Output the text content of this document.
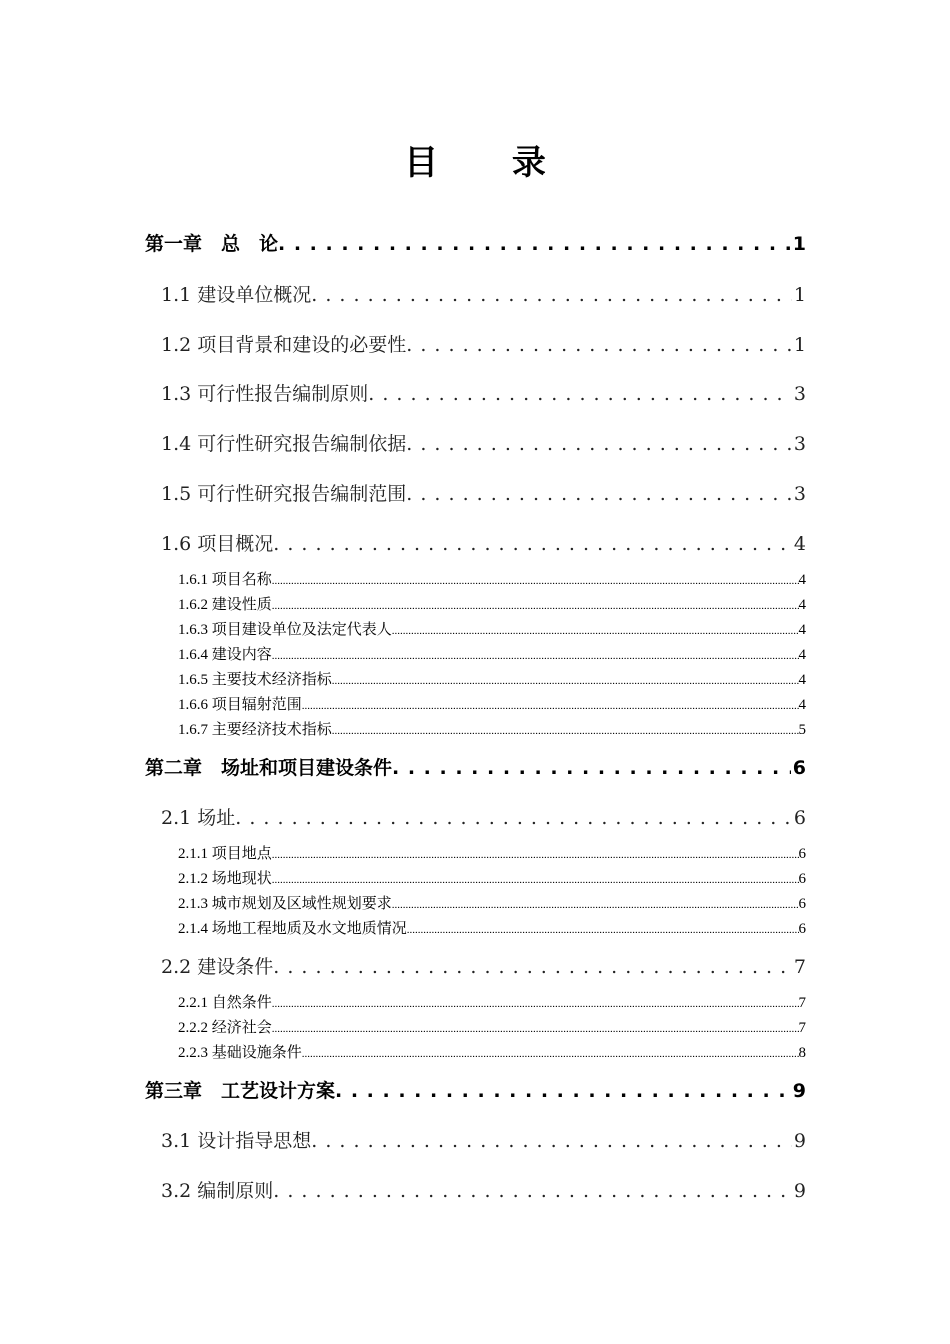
目 录
第一章　总　论 . . .	1
1.1 建设单位概况 . . .	1
1.2 项目背景和建设的必要性 . . .	1
1.3 可行性报告编制原则 . . .	3
1.4 可行性研究报告编制依据 . . .	3
1.5 可行性研究报告编制范围 . . .	3
1.6 项目概况 . . .	4
1.6.1 项目名称 .....	4
1.6.2 建设性质 .....	4
1.6.3 项目建设单位及法定代表人 .....	4
1.6.4 建设内容 .....	4
1.6.5 主要技术经济指标 .....	4
1.6.6 项目辐射范围 .....	4
1.6.7 主要经济技术指标 .....	5
第二章　场址和项目建设条件 . . .	6
2.1 场址 . . .	6
2.1.1 项目地点 .....	6
2.1.2 场地现状 .....	6
2.1.3 城市规划及区域性规划要求 .....	6
2.1.4 场地工程地质及水文地质情况 .....	6
2.2 建设条件 . . .	7
2.2.1 自然条件 .....	7
2.2.2 经济社会 .....	7
2.2.3 基础设施条件 .....	8
第三章　工艺设计方案 . . .	9
3.1 设计指导思想 . . .	9
3.2 编制原则 . . .	9
